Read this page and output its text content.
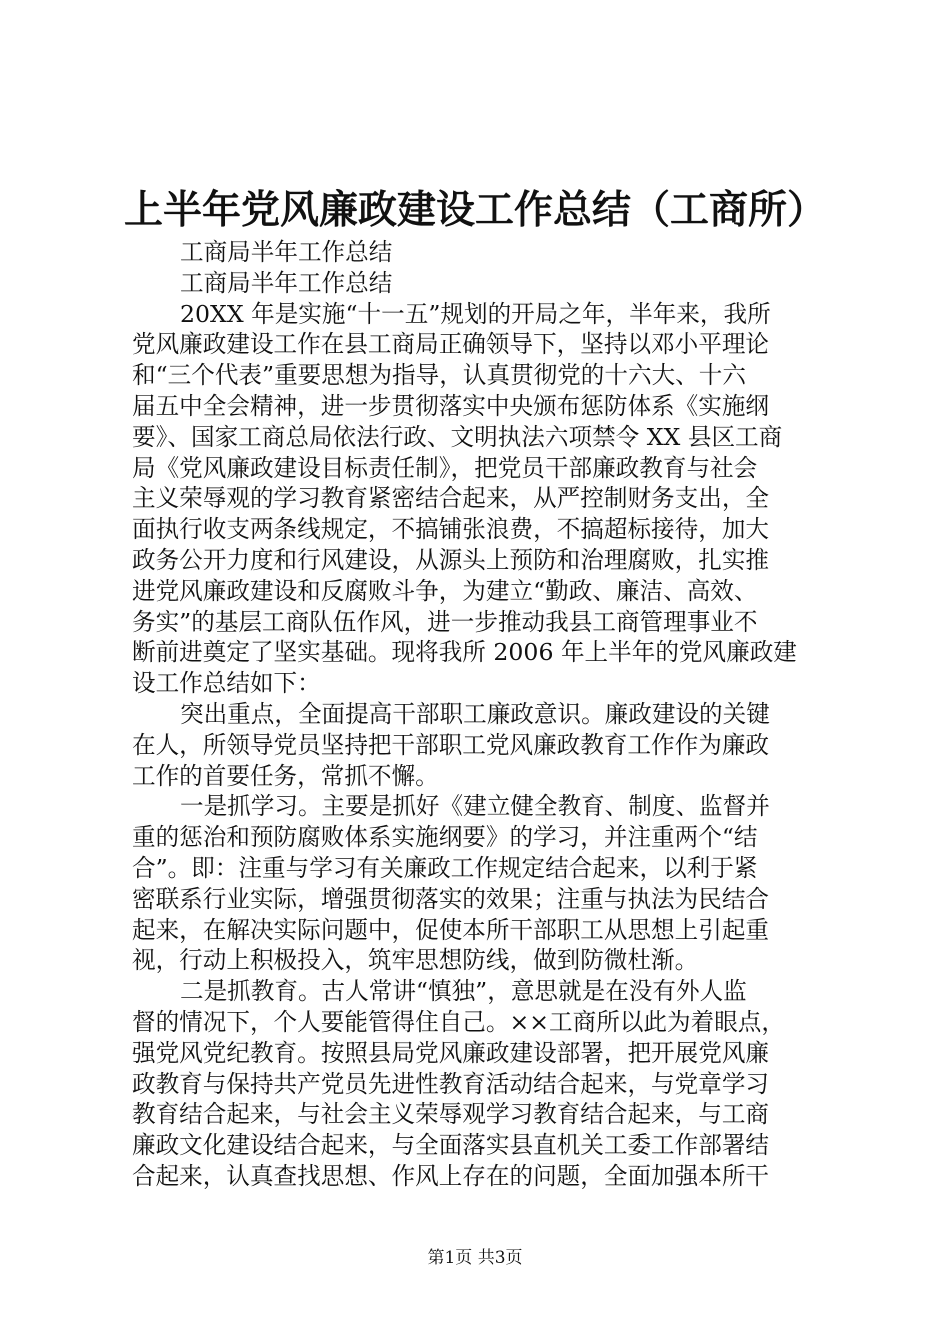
上半年党风廉政建设工作总结（工商所）
工商局半年工作总结
工商局半年工作总结
20XX 年是实施“十一五”规划的开局之年，半年来，我所
党风廉政建设工作在县工商局正确领导下，坚持以邓小平理论
和“三个代表”重要思想为指导，认真贯彻党的十六大、十六
届五中全会精神，进一步贯彻落实中央颁布惩防体系《实施纲
要》、国家工商总局依法行政、文明执法六项禁令 XX 县区工商
局《党风廉政建设目标责任制》，把党员干部廉政教育与社会
主义荣辱观的学习教育紧密结合起来，从严控制财务支出，全
面执行收支两条线规定，不搞铺张浪费，不搞超标接待，加大
政务公开力度和行风建设，从源头上预防和治理腐败，扎实推
进党风廉政建设和反腐败斗争，为建立“勤政、廉洁、高效、
务实”的基层工商队伍作风，进一步推动我县工商管理事业不
断前进奠定了坚实基础。现将我所 2006 年上半年的党风廉政建
设工作总结如下：
突出重点，全面提高干部职工廉政意识。廉政建设的关键
在人，所领导党员坚持把干部职工党风廉政教育工作作为廉政
工作的首要任务，常抓不懈。
一是抓学习。主要是抓好《建立健全教育、制度、监督并
重的惩治和预防腐败体系实施纲要》的学习，并注重两个“结
合”。即：注重与学习有关廉政工作规定结合起来，以利于紧
密联系行业实际，增强贯彻落实的效果；注重与执法为民结合
起来，在解决实际问题中，促使本所干部职工从思想上引起重
视，行动上积极投入，筑牢思想防线，做到防微杜渐。
二是抓教育。古人常讲“慎独”，意思就是在没有外人监
督的情况下，个人要能管得住自己。××工商所以此为着眼点，
强党风党纪教育。按照县局党风廉政建设部署，把开展党风廉
政教育与保持共产党员先进性教育活动结合起来，与党章学习
教育结合起来，与社会主义荣辱观学习教育结合起来，与工商
廉政文化建设结合起来，与全面落实县直机关工委工作部署结
合起来，认真查找思想、作风上存在的问题，全面加强本所干
第1页 共3页
